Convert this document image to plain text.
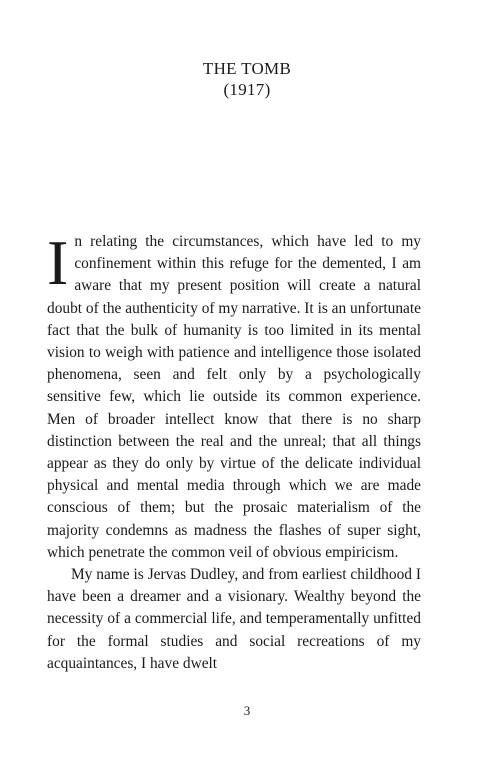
THE TOMB
(1917)

In relating the circumstances, which have led to my confinement within this refuge for the demented, I am aware that my present position will create a natural doubt of the authenticity of my narrative. It is an unfortunate fact that the bulk of humanity is too limited in its mental vision to weigh with patience and intelligence those isolated phenomena, seen and felt only by a psychologically sensitive few, which lie outside its common experience. Men of broader intellect know that there is no sharp distinction between the real and the unreal; that all things appear as they do only by virtue of the delicate individual physical and mental media through which we are made conscious of them; but the prosaic materialism of the majority condemns as madness the flashes of super sight, which penetrate the common veil of obvious empiricism.

My name is Jervas Dudley, and from earliest childhood I have been a dreamer and a visionary. Wealthy beyond the necessity of a commercial life, and temperamentally unfitted for the formal studies and social recreations of my acquaintances, I have dwelt

3
